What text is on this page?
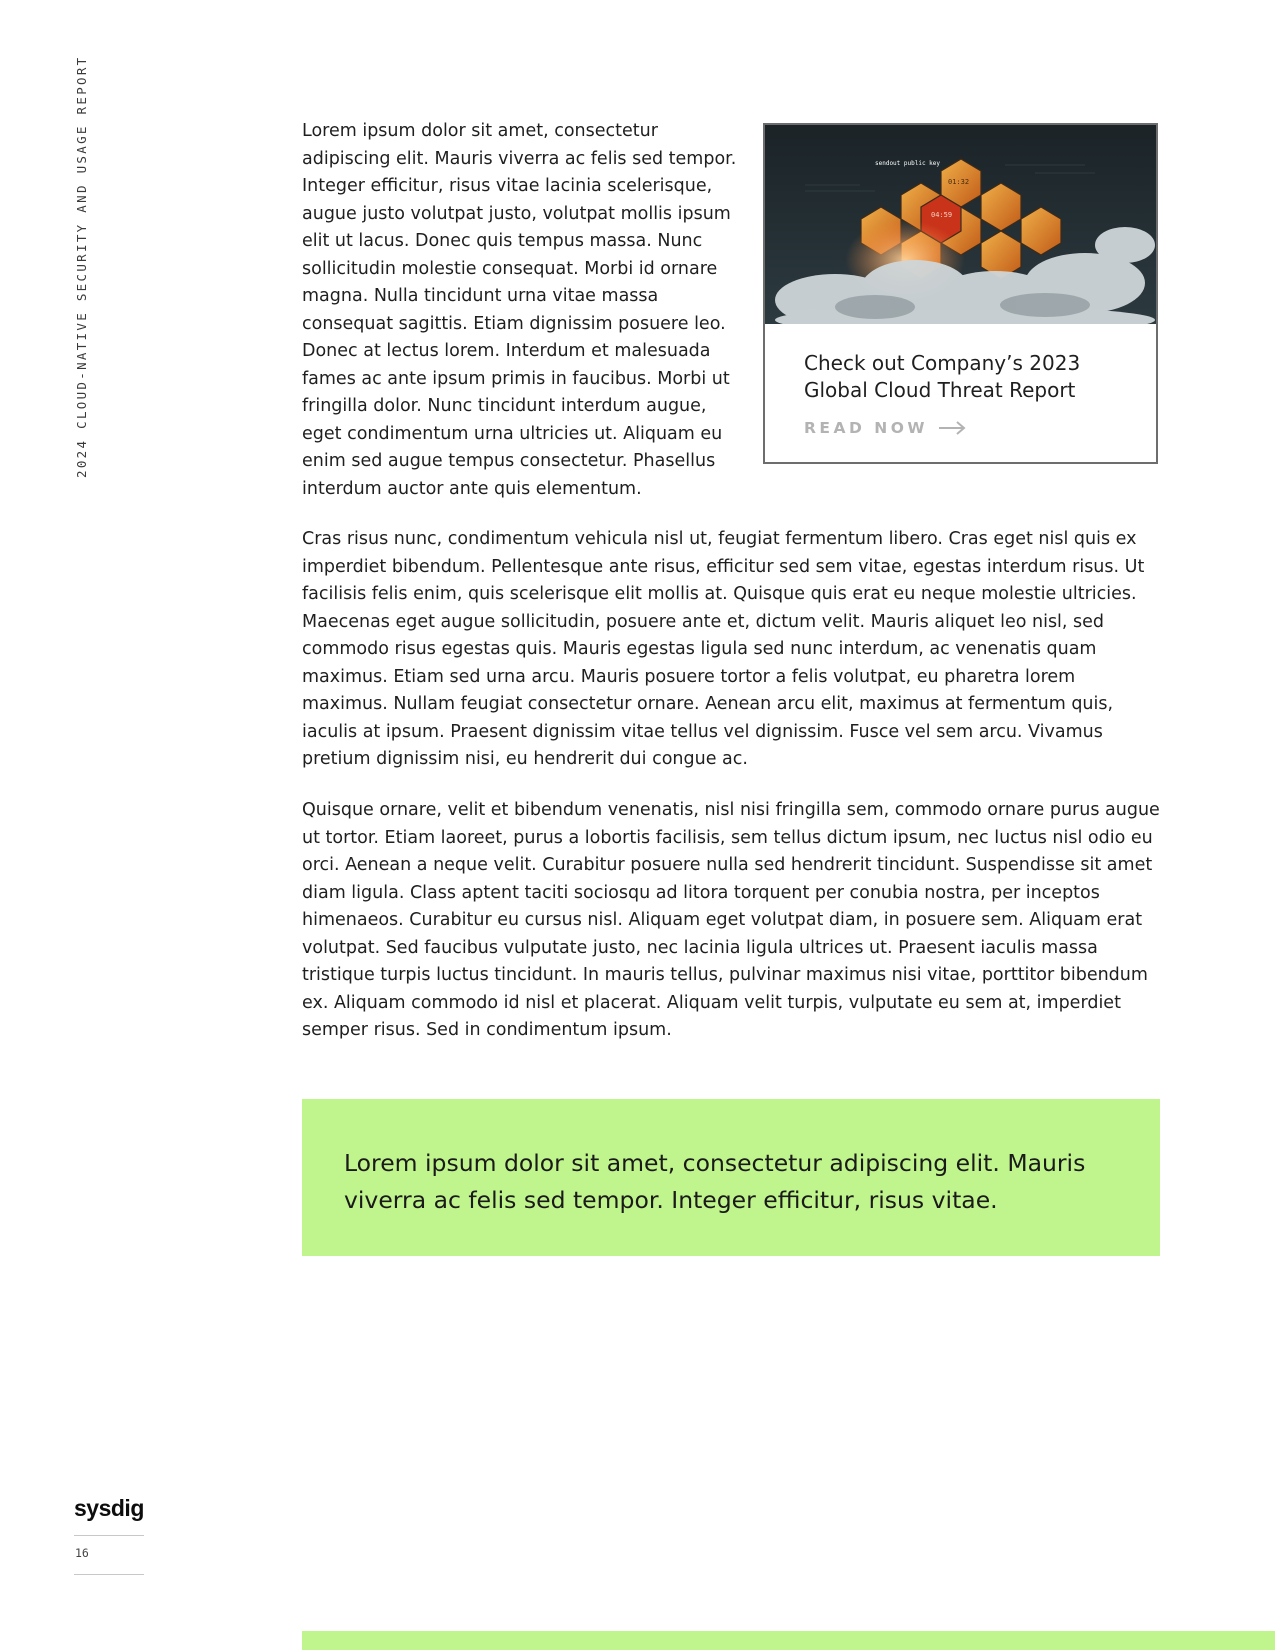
2024 CLOUD-NATIVE SECURITY AND USAGE REPORT	Lorem ipsum dolor sit amet, consectetur adipiscing elit. Mauris viverra ac felis sed tempor. Integer efficitur, risus vitae lacinia scelerisque, augue justo volutpat justo, volutpat mollis ipsum elit ut lacus. Donec quis tempus massa. Nunc sollicitudin molestie consequat. Morbi id ornare magna. Nulla tincidunt urna vitae massa consequat sagittis. Etiam dignissim posuere leo. Donec at lectus lorem. Interdum et malesuada fames ac ante ipsum primis in faucibus. Morbi ut fringilla dolor. Nunc tincidunt interdum augue, eget condimentum urna ultricies ut. Aliquam eu enim sed augue tempus consectetur. Phasellus interdum auctor ante quis elementum.

sendout public key
01:32
04:59
Check out Company’s 2023 Global Cloud Threat Report
READ NOW

Cras risus nunc, condimentum vehicula nisl ut, feugiat fermentum libero. Cras eget nisl quis ex imperdiet bibendum. Pellentesque ante risus, efficitur sed sem vitae, egestas interdum risus. Ut facilisis felis enim, quis scelerisque elit mollis at. Quisque quis erat eu neque molestie ultricies. Maecenas eget augue sollicitudin, posuere ante et, dictum velit. Mauris aliquet leo nisl, sed commodo risus egestas quis. Mauris egestas ligula sed nunc interdum, ac venenatis quam maximus. Etiam sed urna arcu. Mauris posuere tortor a felis volutpat, eu pharetra lorem maximus. Nullam feugiat consectetur ornare. Aenean arcu elit, maximus at fermentum quis, iaculis at ipsum. Praesent dignissim vitae tellus vel dignissim. Fusce vel sem arcu. Vivamus pretium dignissim nisi, eu hendrerit dui congue ac.

Quisque ornare, velit et bibendum venenatis, nisl nisi fringilla sem, commodo ornare purus augue ut tortor. Etiam laoreet, purus a lobortis facilisis, sem tellus dictum ipsum, nec luctus nisl odio eu orci. Aenean a neque velit. Curabitur posuere nulla sed hendrerit tincidunt. Suspendisse sit amet diam ligula. Class aptent taciti sociosqu ad litora torquent per conubia nostra, per inceptos himenaeos. Curabitur eu cursus nisl. Aliquam eget volutpat diam, in posuere sem. Aliquam erat volutpat. Sed faucibus vulputate justo, nec lacinia ligula ultrices ut. Praesent iaculis massa tristique turpis luctus tincidunt. In mauris tellus, pulvinar maximus nisi vitae, porttitor bibendum ex. Aliquam commodo id nisl et placerat. Aliquam velit turpis, vulputate eu sem at, imperdiet semper risus. Sed in condimentum ipsum.

Lorem ipsum dolor sit amet, consectetur adipiscing elit. Mauris viverra ac felis sed tempor. Integer efficitur, risus vitae.

sysdig
16
